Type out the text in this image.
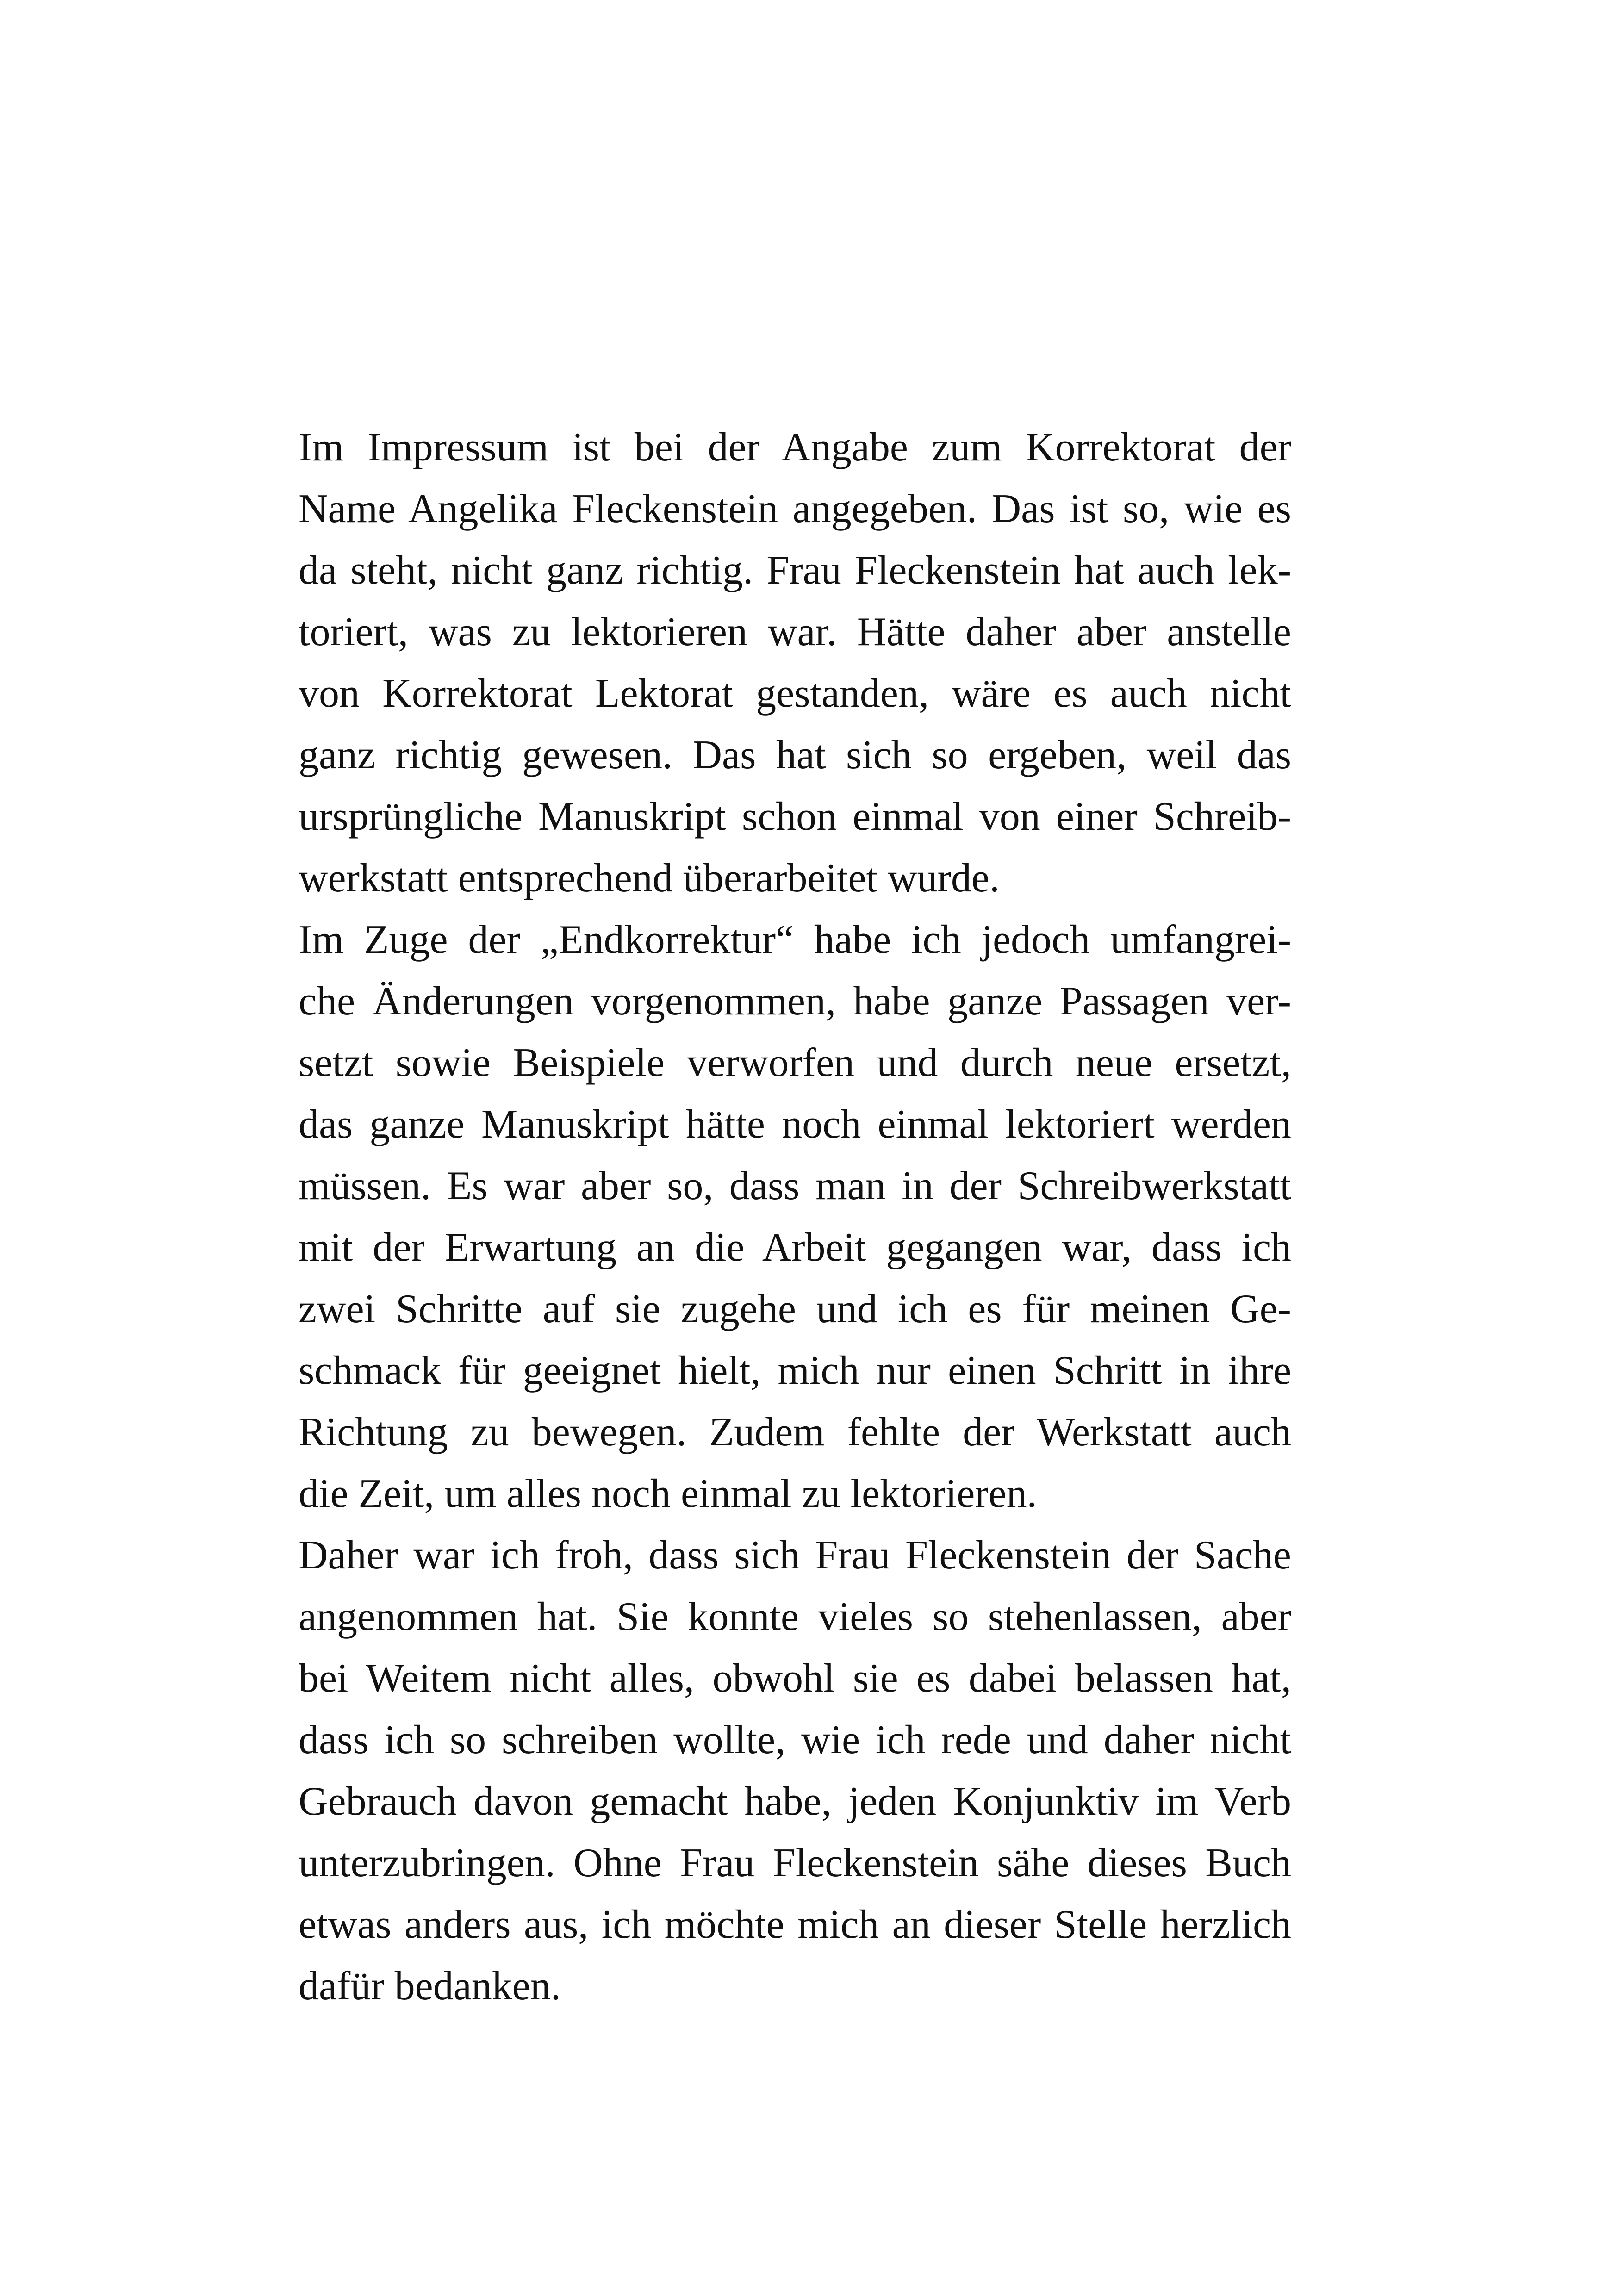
Im Impressum ist bei der Angabe zum Korrektorat der
Name Angelika Fleckenstein angegeben. Das ist so, wie es
da steht, nicht ganz richtig. Frau Fleckenstein hat auch lek-
toriert, was zu lektorieren war. Hätte daher aber anstelle
von Korrektorat Lektorat gestanden, wäre es auch nicht
ganz richtig gewesen. Das hat sich so ergeben, weil das
ursprüngliche Manuskript schon einmal von einer Schreib-
werkstatt entsprechend überarbeitet wurde.
Im Zuge der „Endkorrektur“ habe ich jedoch umfangrei-
che Änderungen vorgenommen, habe ganze Passagen ver-
setzt sowie Beispiele verworfen und durch neue ersetzt,
das ganze Manuskript hätte noch einmal lektoriert werden
müssen. Es war aber so, dass man in der Schreibwerkstatt
mit der Erwartung an die Arbeit gegangen war, dass ich
zwei Schritte auf sie zugehe und ich es für meinen Ge-
schmack für geeignet hielt, mich nur einen Schritt in ihre
Richtung zu bewegen. Zudem fehlte der Werkstatt auch
die Zeit, um alles noch einmal zu lektorieren.
Daher war ich froh, dass sich Frau Fleckenstein der Sache
angenommen hat. Sie konnte vieles so stehenlassen, aber
bei Weitem nicht alles, obwohl sie es dabei belassen hat,
dass ich so schreiben wollte, wie ich rede und daher nicht
Gebrauch davon gemacht habe, jeden Konjunktiv im Verb
unterzubringen. Ohne Frau Fleckenstein sähe dieses Buch
etwas anders aus, ich möchte mich an dieser Stelle herzlich
dafür bedanken.
